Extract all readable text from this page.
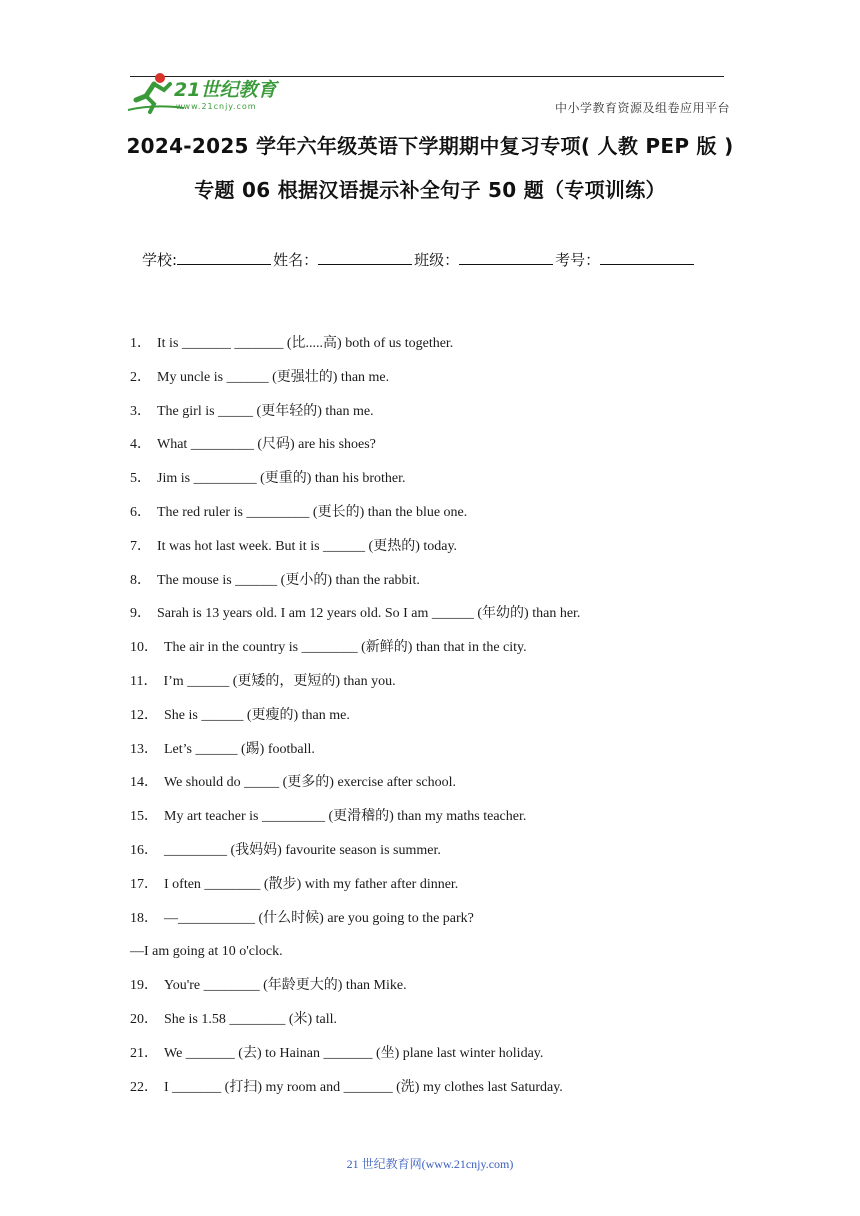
21世纪教育
www.21cnjy.com	中小学教育资源及组卷应用平台
2024-2025 学年六年级英语下学期期中复习专项( 人教 PEP 版 )
专题 06 根据汉语提示补全句子 50 题（专项训练）
学校:	姓名：	班级：	考号：
1． It is _______ _______ (比.....高) both of us together.
2． My uncle is ______ (更强壮的) than me.
3． The girl is _____ (更年轻的) than me.
4． What _________ (尺码) are his shoes?
5． Jim is _________ (更重的) than his brother.
6． The red ruler is _________ (更长的) than the blue one.
7． It was hot last week. But it is ______ (更热的) today.
8． The mouse is ______ (更小的) than the rabbit.
9． Sarah is 13 years old. I am 12 years old. So I am ______ (年幼的) than her.
10． The air in the country is ________ (新鲜的) than that in the city.
11． I’m ______ (更矮的，更短的) than you.
12． She is ______ (更瘦的) than me.
13． Let’s ______ (踢) football.
14． We should do _____ (更多的) exercise after school.
15． My art teacher is _________ (更滑稽的) than my maths teacher.
16． _________ (我妈妈) favourite season is summer.
17． I often ________ (散步) with my father after dinner.
18． —___________ (什么时候) are you going to the park?
—I am going at 10 o'clock.
19． You're ________ (年龄更大的) than Mike.
20． She is 1.58 ________ (米) tall.
21． We _______ (去) to Hainan _______ (坐) plane last winter holiday.
22． I _______ (打扫) my room and _______ (洗) my clothes last Saturday.
21 世纪教育网(www.21cnjy.com)
